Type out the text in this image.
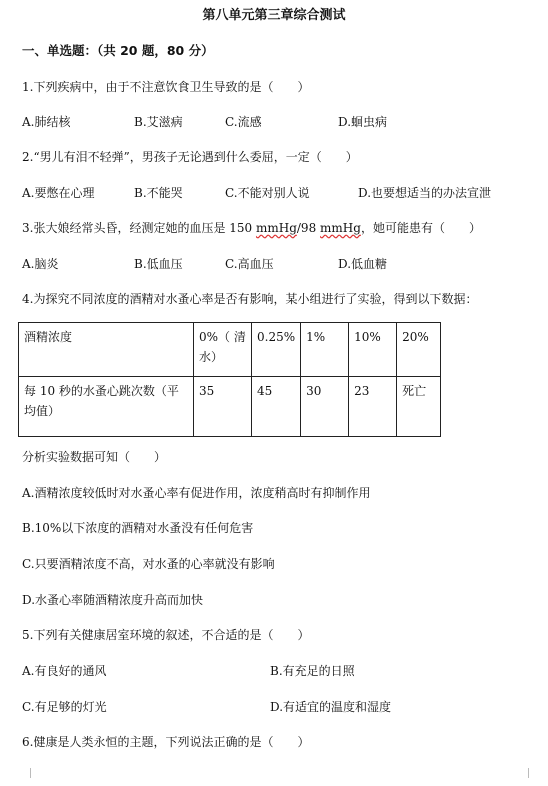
第八单元第三章综合测试
一、单选题：（共 20 题，80 分）
1.下列疾病中，由于不注意饮食卫生导致的是（　　）
A.肺结核	B.艾滋病	C.流感	D.蛔虫病
2.“男儿有泪不轻弹”，男孩子无论遇到什么委屈，一定（　　）
A.要憋在心理	B.不能哭	C.不能对别人说	D.也要想适当的办法宣泄
3.张大娘经常头昏，经测定她的血压是 150 mmHg/98 mmHg，她可能患有（　　）
A.脑炎	B.低血压	C.高血压	D.低血糖
4.为探究不同浓度的酒精对水蚤心率是否有影响，某小组进行了实验，得到以下数据：
酒精浓度	0%（ 清水）	0.25%	1%	10%	20%
每 10 秒的水蚤心跳次数（平均值）	35	45	30	23	死亡
分析实验数据可知（　　）
A.酒精浓度较低时对水蚤心率有促进作用，浓度稍高时有抑制作用
B.10%以下浓度的酒精对水蚤没有任何危害
C.只要酒精浓度不高，对水蚤的心率就没有影响
D.水蚤心率随酒精浓度升高而加快
5.下列有关健康居室环境的叙述，不合适的是（　　）
A.有良好的通风	B.有充足的日照
C.有足够的灯光	D.有适宜的温度和湿度
6.健康是人类永恒的主题，下列说法正确的是（　　）
